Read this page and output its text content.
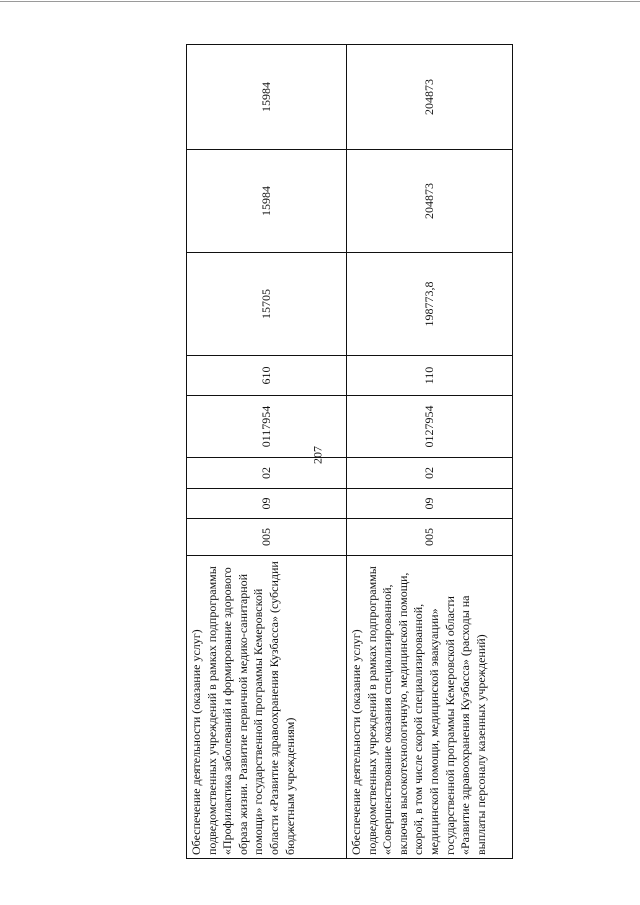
207
Обеспечение деятельности (оказание услуг) подведомственных учреждений в рамках подпрограммы «Профилактика заболеваний и формирование здорового образа жизни. Развитие первичной медико-санитарной помощи» государственной программы Кемеровской области «Развитие здравоохранения Кузбасса» (субсидии бюджетным учреждениям)	005	09	02	0117954	610	15705	15984	15984
Обеспечение деятельности (оказание услуг) подведомственных учреждений в рамках подпрограммы «Совершенствование оказания специализированной, включая высокотехнологичную, медицинской помощи, скорой, в том числе скорой специализированной, медицинской помощи, медицинской эвакуации» государственной программы Кемеровской области «Развитие здравоохранения Кузбасса» (расходы на выплаты персоналу казенных учреждений)	005	09	02	0127954	110	198773,8	204873	204873
